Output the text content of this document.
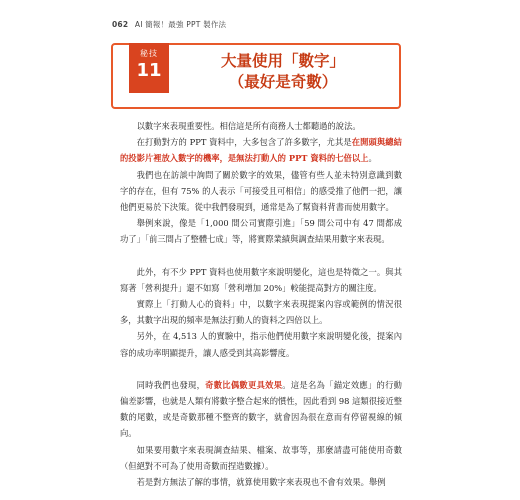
062 AI 簡報！最強 PPT 製作法
秘技
11	大量使用「數字」
（最好是奇數）

以數字來表現重要性。相信這是所有商務人士都聽過的說法。

在打動對方的 PPT 資料中，大多包含了許多數字，尤其是在開頭與總結的投影片裡放入數字的機率，是無法打動人的 PPT 資料的七倍以上。

我們也在訪談中詢問了關於數字的效果，儘管有些人並未特別意識到數字的存在，但有 75% 的人表示「可接受且可相信」的感受推了他們一把，讓他們更易於下決策。從中我們發現到，通常是為了幫資料背書而使用數字。

舉例來說，像是「1,000 間公司實際引進」「59 間公司中有 47 間都成功了」「前三間占了整體七成」等，將實際業績與調查結果用數字來表現。

此外，有不少 PPT 資料也使用數字來說明變化，這也是特徵之一。與其寫著「營利提升」還不如寫「營利增加 20%」較能提高對方的關注度。

實際上「打動人心的資料」中，以數字來表現提案內容或範例的情況很多，其數字出現的頻率是無法打動人的資料之四倍以上。

另外，在 4,513 人的實驗中，指示他們使用數字來說明變化後，提案內容的成功率明顯提升，讓人感受到其高影響度。

同時我們也發現，奇數比偶數更具效果。這是名為「錨定效應」的行動偏差影響，也就是人類有將數字整合起來的慣性，因此看到 98 這類很接近整數的尾數，或是奇數那種不整齊的數字，就會因為很在意而有停留視線的傾向。

如果要用數字來表現調查結果、檔案、故事等，那麼請盡可能使用奇數（但絕對不可為了使用奇數而捏造數據）。

若是對方無法了解的事情，就算使用數字來表現也不會有效果。舉例
